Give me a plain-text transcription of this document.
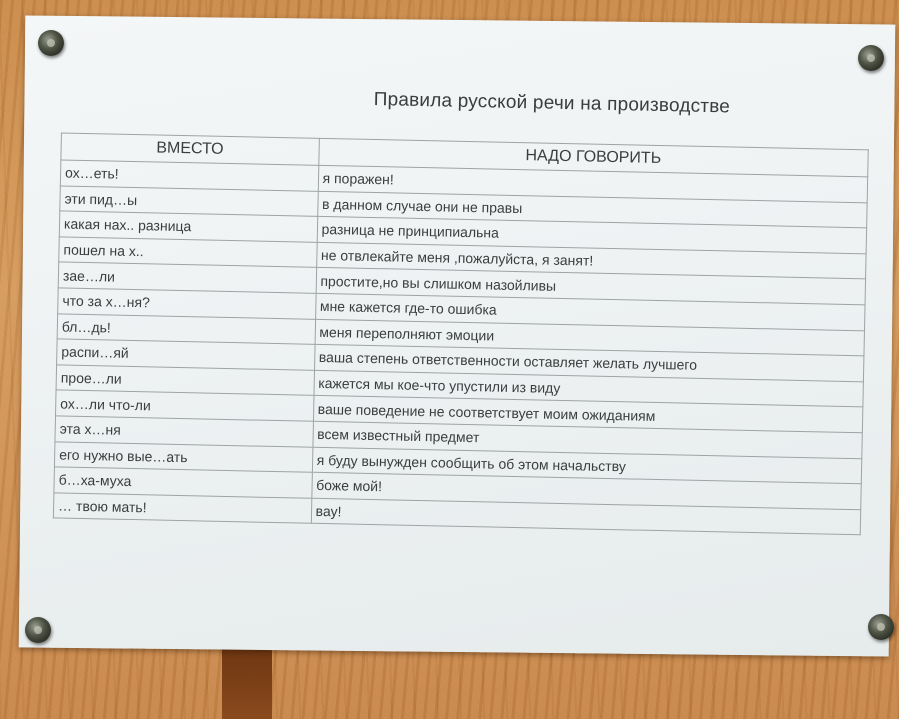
Правила русской речи на производстве
ВМЕСТО	НАДО ГОВОРИТЬ
ох…еть!	я поражен!
эти пид…ы	в данном случае они не правы
какая нах.. разница	разница не принципиальна
пошел на х..	не отвлекайте меня ,пожалуйста, я занят!
зае…ли	простите,но вы слишком назойливы
что за х…ня?	мне кажется где-то ошибка
бл…дь!	меня переполняют эмоции
распи…яй	ваша степень ответственности оставляет желать лучшего
прое…ли	кажется мы кое-что упустили из виду
ох…ли что-ли	ваше поведение не соответствует моим ожиданиям
эта х…ня	всем известный предмет
его нужно вые…ать	я буду вынужден сообщить об этом начальству
б…ха-муха	боже мой!
… твою мать!	вау!
